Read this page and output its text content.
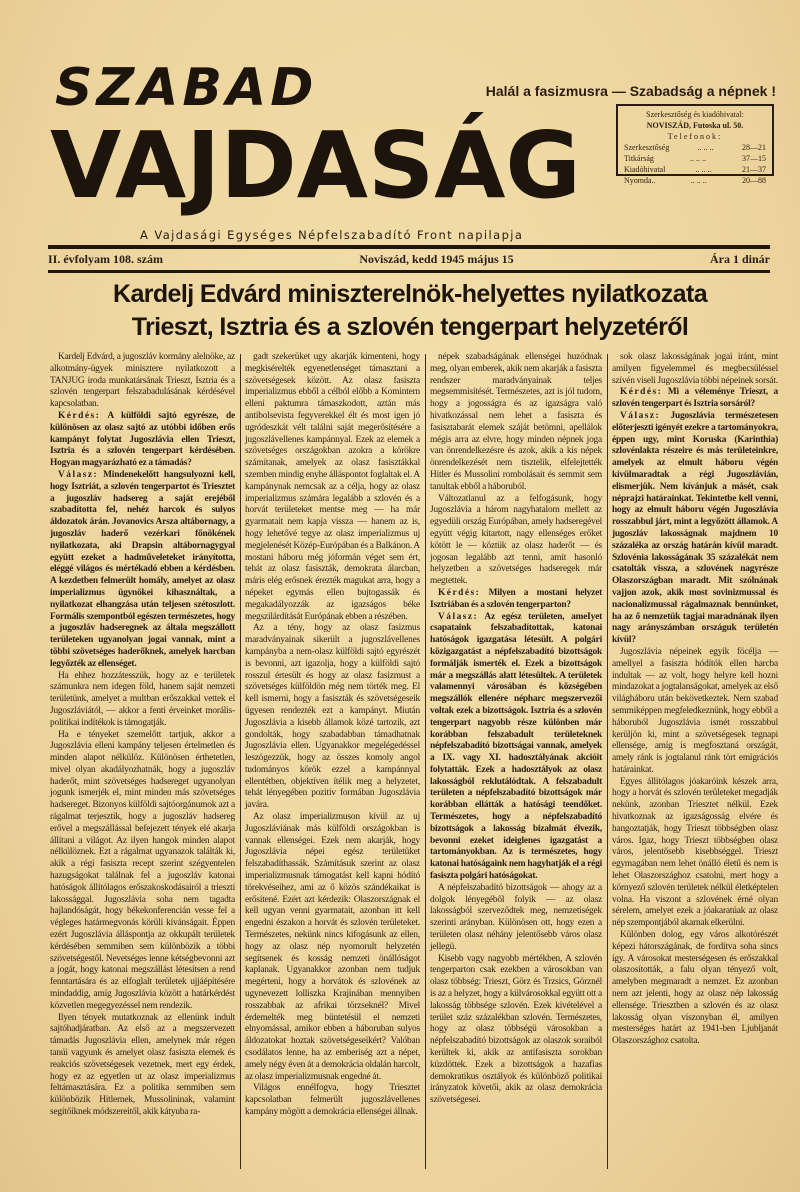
SZABAD
VAJDASÁG
Halál a fasizmusra — Szabadság a népnek !
Szerkesztőség és kiadóhivatal:
NOVISZÁD, Futoska ul. 50.
Telefonok:
Szerkesztőség	.. .. ..	28—21
Titkárság	.. .. ..	37—15
Kiadóhivatal	.. .. ..	21—37
Nyomda..	.. .. ..	20—88
A Vajdasági Egységes Népfelszabadító Front napilapja
II. évfolyam 108. szám	Noviszád, kedd 1945 május 15	Ára 1 dinár
Kardelj Edvárd miniszterelnök-helyettes nyilatkozata
Trieszt, Isztria és a szlovén tengerpart helyzetéről

Kardelj Edvárd, a jugoszláv kormány alelnöke, az alkotmány-ügyek minisztere nyilatkozott a TANJUG iroda munkatársának Trieszt, Isztria és a szlovén tengerpart felszabadulásának kérdésével kapcsolatban.

Kérdés: A külföldi sajtó egyrésze, de különösen az olasz sajtó az utóbbi időben erős kampányt folytat Jugoszlávia ellen Trieszt, Isztria és a szlovén tengerpart kérdésében. Hogyan magyarázható ez a támadás?

Válasz: Mindenekelőtt hangsulyozni kell, hogy Isztriát, a szlovén tengerpartot és Triesztet a jugoszláv hadsereg a saját erejéből szabadította fel, nehéz harcok és sulyos áldozatok árán. Jovanovics Arsza altábornagy, a jugoszláv haderő vezérkari főnökének nyilatkozata, aki Drapsin altábornagygyal együtt ezeket a hadműveleteket irányította, eléggé világos és mértékadó ebben a kérdésben. A kezdetben felmerült homály, amelyet az olasz imperializmus ügynökei kihasználtak, a nyilatkozat elhangzása után teljesen szétoszlott. Formális szempontból egészen természetes, hogy a jugoszláv hadseregnek az általa megszállott területeken ugyanolyan jogai vannak, mint a többi szövetséges haderőknek, amelyek harcban legyőzték az ellenséget.

Ha ehhez hozzátesszük, hogy az e területek számunkra nem idegen föld, hanem saját nemzeti területünk, amelyet a multban erőszakkal vettek el Jugoszláviától, — akkor a fenti érveinket morális-politikai indítékok is támogatják.

Ha e tényeket szemelőtt tartjuk, akkor a Jugoszlávia elleni kampány teljesen értelmetlen és minden alapot nélkülöz. Különösen érthetetlen, mivel olyan akadályozhatnák, hogy a jugoszláv haderőt, mint szövetséges hadsereget ugyanolyan jogunk ismerjék el, mint minden más szövetséges hadsereget. Bizonyos külföldi sajtóorgánumok azt a rágalmat terjesztik, hogy a jugoszláv hadsereg erővel a megszállással befejezett tények elé akarja állítani a világot. Az ilyen hangok minden alapot nélkülöznek. Ezt a rágalmat ugyanazok találták ki, akik a régi fasiszta recept szerint szégyentelen hazugságokat találnak fel a jugoszláv katonai hatóságok állítólagos erőszakoskodásairól a triesztí lakossággal. Jugoszlávia soha nem tagadta hajlandóságát, hogy békekonferencián vesse fel a végleges határmegvonás körüli kívánságait. Éppen ezért Jugoszlávia álláspontja az okkupált területek kérdésében semmiben sem különbözik a többi szövetségestől. Nevetséges lenne kétségbevonni azt a jogát, hogy katonai megszállást létesítsen a rend fenntartására és az elfoglalt területek ujjáépítésére mindaddig, amíg Jugoszlávia között a határkérdést közvetlen megegyezéssel nem rendezik.

Ilyen tények mutatkoznak az ellenünk indult sajtóhadjáratban. Az első az a megszervezett támadás Jugoszlávia ellen, amelynek már régen tanúi vagyunk és amelyet olasz fasiszta elemek és reakciós szövetségesek vezetnek, mert egy érdek, hogy ez az egyetlen ut az olasz imperializmus feltámasztására. Ez a politika semmiben sem különbözik Hitlernek, Mussolininak, valamint segítőiknek módszereitől, akik kátyuba ra-

gadt szekerüket ugy akarják kimenteni, hogy megkisérelték egyenetlenséget támasztani a szövetségesek között. Az olasz fasiszta imperializmus ebből a célból előbb a Komintern elleni paktumra támaszkodott, aztán más antibolsevista fegyverekkel élt és most igen jó ugródeszkát vélt találni saját megerősítésére a jugoszlávellenes kampánnyal. Ezek az elemek a szövetséges országokban azokra a körökre számítanak, amelyek az olasz fasisztákkal szemben mindig enyhe álláspontot foglaltak el. A kampánynak nemcsak az a célja, hogy az olasz imperializmus számára legalább a szlovén és a horvát területeket mentse meg — ha már gyarmatait nem kapja vissza — hanem az is, hogy lehetővé tegye az olasz imperializmus uj megjelenését Közép-Európában és a Balkánon. A mostani háboru még jóformán véget sem ért, tehát az olasz fasiszták, demokrata álarcban, máris elég erősnek érezték magukat arra, hogy a népeket egymás ellen bujtogassák és megakadályozzák az igazságos béke megszilárdítását Európának ebben a részében.

Az a tény, hogy az olasz fasizmus maradványainak sikerült a jugoszlávellenes kampányba a nem-olasz külföldi sajtó egyrészét is bevonni, azt igazolja, hogy a külföldi sajtó rosszul értesült és hogy az olasz fasizmust a szövetséges külföldön még nem törték meg. El kell ismerni, hogy a fasiszták és szövetségeseik ügyesen rendezték ezt a kampányt. Miután Jugoszlávia a kisebb államok közé tartozik, azt gondolták, hogy szabadabban támadhatnak Jugoszlávia ellen. Ugyanakkor megelégedéssel leszögezzük, hogy az összes komoly angol tudományos körök ezzel a kampánnyal ellentétben, objektíven ítélik meg a helyzetet, tehát lényegében pozitív formában Jugoszlávia javára.

Az olasz imperializmuson kívül az uj Jugoszláviának más külföldi országokban is vannak ellenségei. Ezek nem akarják, hogy Jugoszlávia népei egész területüket felszabadíthassák. Számításuk szerint az olasz imperializmusnak támogatást kell kapni hódító törekvéseihez, ami az ő közös szándékaikat is erősítené. Ezért azt kérdezik: Olaszországnak el kell ugyan venni gyarmatait, azonban itt kell engedni északon a horvát és szlovén területeket. Természetes, nekünk nincs kifogásunk az ellen, hogy az olasz nép nyomorult helyzetén segítsenek és kosság nemzeti önállóságot kaplanak. Ugyanakkor azonban nem tudjuk megérteni, hogy a horvátok és szlovének az ugynevezett lolliszka Krajinában mennyiben rosszabbak az afrikai törzseknél? Mivel érdemelték meg büntetésül el nemzeti elnyomással, amikor ebben a háboruban sulyos áldozatokat hoztak szövetségeseikért? Valóban csodálatos lenne, ha az emberiség azt a népet, amely négy éven át a demokrácia oldalán harcolt, az olasz imperializmusnak engedné át.

Világos ennélfogva, hogy Triesztet kapcsolatban felmerült jugoszlávellenes kampány mögött a demokrácia ellenségei állnak.

népek szabadságának ellenségei huzódnak meg, olyan emberek, akik nem akarják a fasiszta rendszer maradványainak teljes megsemmisítését. Természetes, azt is jól tudom, hogy a jogosságra és az igazságra való hivatkozással nem lehet a fasiszta és fasisztabarát elemek száját betömni, apellálok mégis arra az elvre, hogy minden népnek joga van önrendelkezésre és azok, akik a kis népek önrendelkezését nem tisztelik, elfelejtették Hitler és Mussolini rombolásait és semmit sem tanultak ebből a háboruból.

Változatlanul az a felfogásunk, hogy Jugoszlávia a három nagyhatalom mellett az egyedüli ország Európában, amely hadseregével együtt végig kitartott, nagy ellenséges erőket kötött le — köztük az olasz haderőt — és jogosan legalább azt tenni, amit hasonló helyzetben a szövetséges hadseregek már megtettek.

Kérdés: Milyen a mostani helyzet Isztriában és a szlovén tengerparton?

Válasz: Az egész területen, ameIyet csapataink felszabadítottak, katonai hatóságok igazgatása létesült. A polgári közigazgatást a népfelszabadító bizottságok formálják ismerték el. Ezek a bizottságok már a megszállás alatt létesültek. A területek valamennyi városában és községében megszállók ellenére népharc megszervezői voltak ezek a bizottságok. Isztria és a szlovén tengerpart nagyobb része különben már korábban felszabadult területeknek népfelszabadító bizottságai vannak, amelyek a IX. vagy XI. hadosztályának akcióit folytatták. Ezek a hadosztályok az olasz lakosságból reklutálódtak. A felszabadult területen a népfelszabadító bizottságok már korábban ellátták a hatósági teendőket. Természetes, hogy a népfelszabadító bizottságok a lakosság bizalmát élvezik, bevonni ezeket ideiglenes igazgatást a tartományokban. Az is természetes, hogy katonai hatóságaink nem hagyhatják el a régi fasiszta polgári hatóságokat.

A népfelszabadító bizottságok — ahogy az a dolgok lényegéből folyik — az olasz lakosságból szerveződtek meg, nemzetiségek szerinti arányban. Különösen ott, hogy ezen a területen olasz néhány jelentősebb város olasz jellegü.

Kisebb vagy nagyobb mértékben, A szlovén tengerparton csak ezekben a városokban van olasz többség: Trieszt, Görz és Trzsics, Görznél is az a helyzet, hogy a külvárosokkal együtt ott a lakosság többsége szlovén. Ezek kivételével a terület száz százalékban szlovén. Természetes, hogy az olasz többségü városokban a népfelszabadító bizottságok az olaszok soraiból kerültek ki, akik az antifasiszta sorokban küzdöttek. Ezek a bizottságok a hazafias demokratikus osztályok és különböző politikai irányzatok követői, akik az olasz demokrácia szövetségesei.

sok olasz lakosságának jogai iránt, mint amilyen figyelemmel és megbecsüléssel szívén viseli Jugoszlávia többi népeinek sorsát.

Kérdés: Mi a véleménye Trieszt, a szlovén tengerpart és Isztria sorsáról?

Válasz: Jugoszlávia természetesen előterjeszti igényét ezekre a tartományokra, éppen ugy, mint Koruska (Karinthia) szlovénlakta részeire és más területeinkre, amelyek az elmult háboru végén kívülmaradtak a régi Jugoszlávián, elismerjük. Nem kívánjuk a másét, csak néprajzi határainkat. Tekintetbe kell venni, hogy az elmult háboru végén Jugoszlávia rosszabbul járt, mint a legyőzött államok. A jugoszláv lakosságnak majdnem 10 százaléka az ország határán kívül maradt. Szlovénia lakosságának 35 százalékát nem csatolták vissza, a szlovének nagyrésze Olaszországban maradt. Mit szólnának vajjon azok, akik most sovinizmussal és nacionalizmussal rágalmaznak bennünket, ha az ő nemzetük tagjai maradnának ilyen nagy arányszámban országuk területén kívül?

Jugoszlávia népeinek egyik föcélja — amellyel a fasiszta hódítók ellen harcba indultak — az volt, hogy helyre kell hozni mindazokat a jogtalanságokat, amelyek az első világháboru után bekövetkeztek. Nem szabad semmiképpen megfeledkeznünk, hogy ebből a háboruból Jugoszlávia ismét rosszabbul kerüljön ki, mint a szövetségesek tegnapi ellensége, amíg is megfosztaná országát, amely ránk is jogtalanul ránk tört emigrációs határainkat.

Egyes állítólagos jóakaróink készek arra, hogy a horvát és szlovén területeket megadják nekünk, azonban Triesztet nélkül. Ezek hivatkoznak az igazságosság elvére és hangoztatják, hogy Trieszt többségben olasz város. Igaz, hogy Trieszt többségben olasz város, jelentősebb kisebbséggel. Trieszt egymagában nem lehet önálló életű és nem is lehet Olaszországhoz csatolni, mert hogy a környező szlovén területek nélkül életképtelen volna. Ha viszont a szlovének érné olyan sérelem, amelyet ezek a jóakaratúak az olasz nép szempontjából akarnak elkerülni.

Különben dolog, egy város alkotórészét képezi hátországának, de fordítva soha sincs így. A városokat mesterségesen és erőszakkal olaszosították, a falu olyan tényező volt, amelyben megmaradt a nemzet. Ez azonban nem azt jelenti, hogy az olasz nép lakosság ellensége. Triesztben a szlovén és az olasz lakosság olyan viszonyban él, amilyen mesterséges határt az 1941-ben Ljubljanát Olaszországhoz csatolta.
